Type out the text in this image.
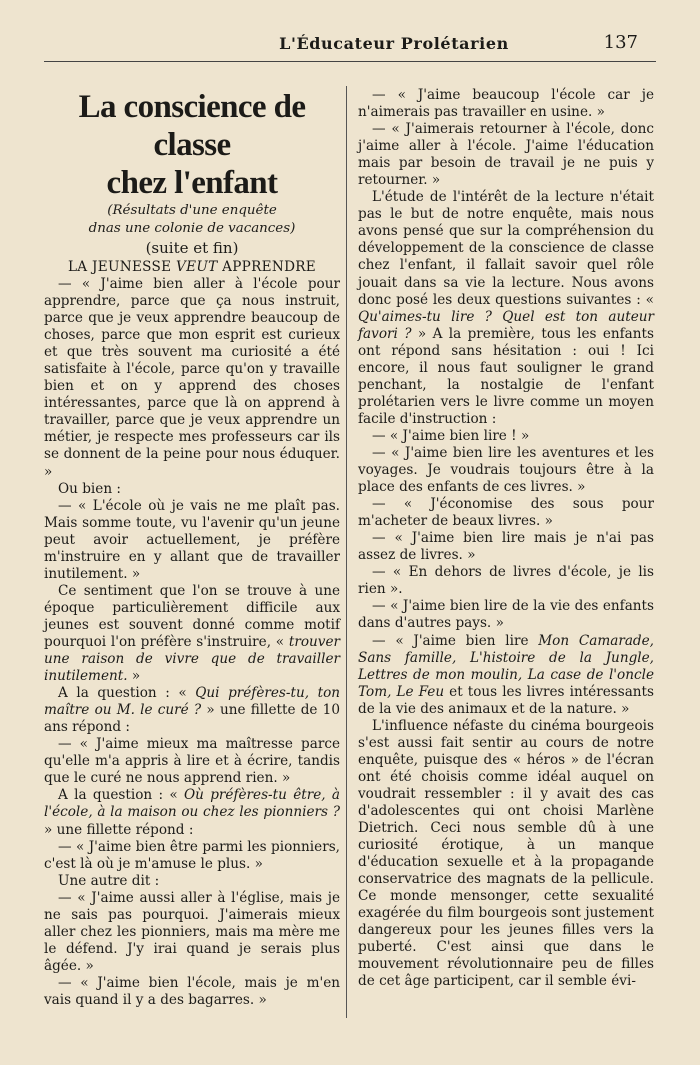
L'Éducateur Prolétarien	137
La conscience de classe
chez l'enfant

(Résultats d'une enquête
dnas une colonie de vacances)

(suite et fin)

LA JEUNESSE VEUT APPRENDRE

— « J'aime bien aller à l'école pour apprendre, parce que ça nous instruit, parce que je veux apprendre beaucoup de choses, parce que mon esprit est curieux et que très souvent ma curiosité a été satisfaite à l'école, parce qu'on y travaille bien et on y apprend des choses intéressantes, parce que là on apprend à travailler, parce que je veux apprendre un métier, je respecte mes professeurs car ils se donnent de la peine pour nous éduquer. »

Ou bien :

— « L'école où je vais ne me plaît pas. Mais somme toute, vu l'avenir qu'un jeune peut avoir actuellement, je préfère m'instruire en y allant que de travailler inutilement. »

Ce sentiment que l'on se trouve à une époque particulièrement difficile aux jeunes est souvent donné comme motif pourquoi l'on préfère s'instruire, « trouver une raison de vivre que de travailler inutilement. »

A la question : « Qui préfères-tu, ton maître ou M. le curé ? » une fillette de 10 ans répond :

— « J'aime mieux ma maîtresse parce qu'elle m'a appris à lire et à écrire, tandis que le curé ne nous apprend rien. »

A la question : « Où préfères-tu être, à l'école, à la maison ou chez les pionniers ? » une fillette répond :

— « J'aime bien être parmi les pionniers, c'est là où je m'amuse le plus. »

Une autre dit :

— « J'aime aussi aller à l'église, mais je ne sais pas pourquoi. J'aimerais mieux aller chez les pionniers, mais ma mère me le défend. J'y irai quand je serais plus âgée. »

— « J'aime bien l'école, mais je m'en vais quand il y a des bagarres. »

— « J'aime beaucoup l'école car je n'aimerais pas travailler en usine. »

— « J'aimerais retourner à l'école, donc j'aime aller à l'école. J'aime l'éducation mais par besoin de travail je ne puis y retourner. »

L'étude de l'intérêt de la lecture n'était pas le but de notre enquête, mais nous avons pensé que sur la compréhension du développement de la conscience de classe chez l'enfant, il fallait savoir quel rôle jouait dans sa vie la lecture. Nous avons donc posé les deux questions suivantes : « Qu'aimes-tu lire ? Quel est ton auteur favori ? » A la première, tous les enfants ont répond sans hésitation : oui ! Ici encore, il nous faut souligner le grand penchant, la nostalgie de l'enfant prolétarien vers le livre comme un moyen facile d'instruction :

— « J'aime bien lire ! »

— « J'aime bien lire les aventures et les voyages. Je voudrais toujours être à la place des enfants de ces livres. »

— « J'économise des sous pour m'acheter de beaux livres. »

— « J'aime bien lire mais je n'ai pas assez de livres. »

— « En dehors de livres d'école, je lis rien ».

— « J'aime bien lire de la vie des enfants dans d'autres pays. »

— « J'aime bien lire Mon Camarade, Sans famille, L'histoire de la Jungle, Lettres de mon moulin, La case de l'oncle Tom, Le Feu et tous les livres intéressants de la vie des animaux et de la nature. »

L'influence néfaste du cinéma bourgeois s'est aussi fait sentir au cours de notre enquête, puisque des « héros » de l'écran ont été choisis comme idéal auquel on voudrait ressembler : il y avait des cas d'adolescentes qui ont choisi Marlène Dietrich. Ceci nous semble dû à une curiosité érotique, à un manque d'éducation sexuelle et à la propagande conservatrice des magnats de la pellicule. Ce monde mensonger, cette sexualité exagérée du film bourgeois sont justement dangereux pour les jeunes filles vers la puberté. C'est ainsi que dans le mouvement révolutionnaire peu de filles de cet âge participent, car il semble évi-
